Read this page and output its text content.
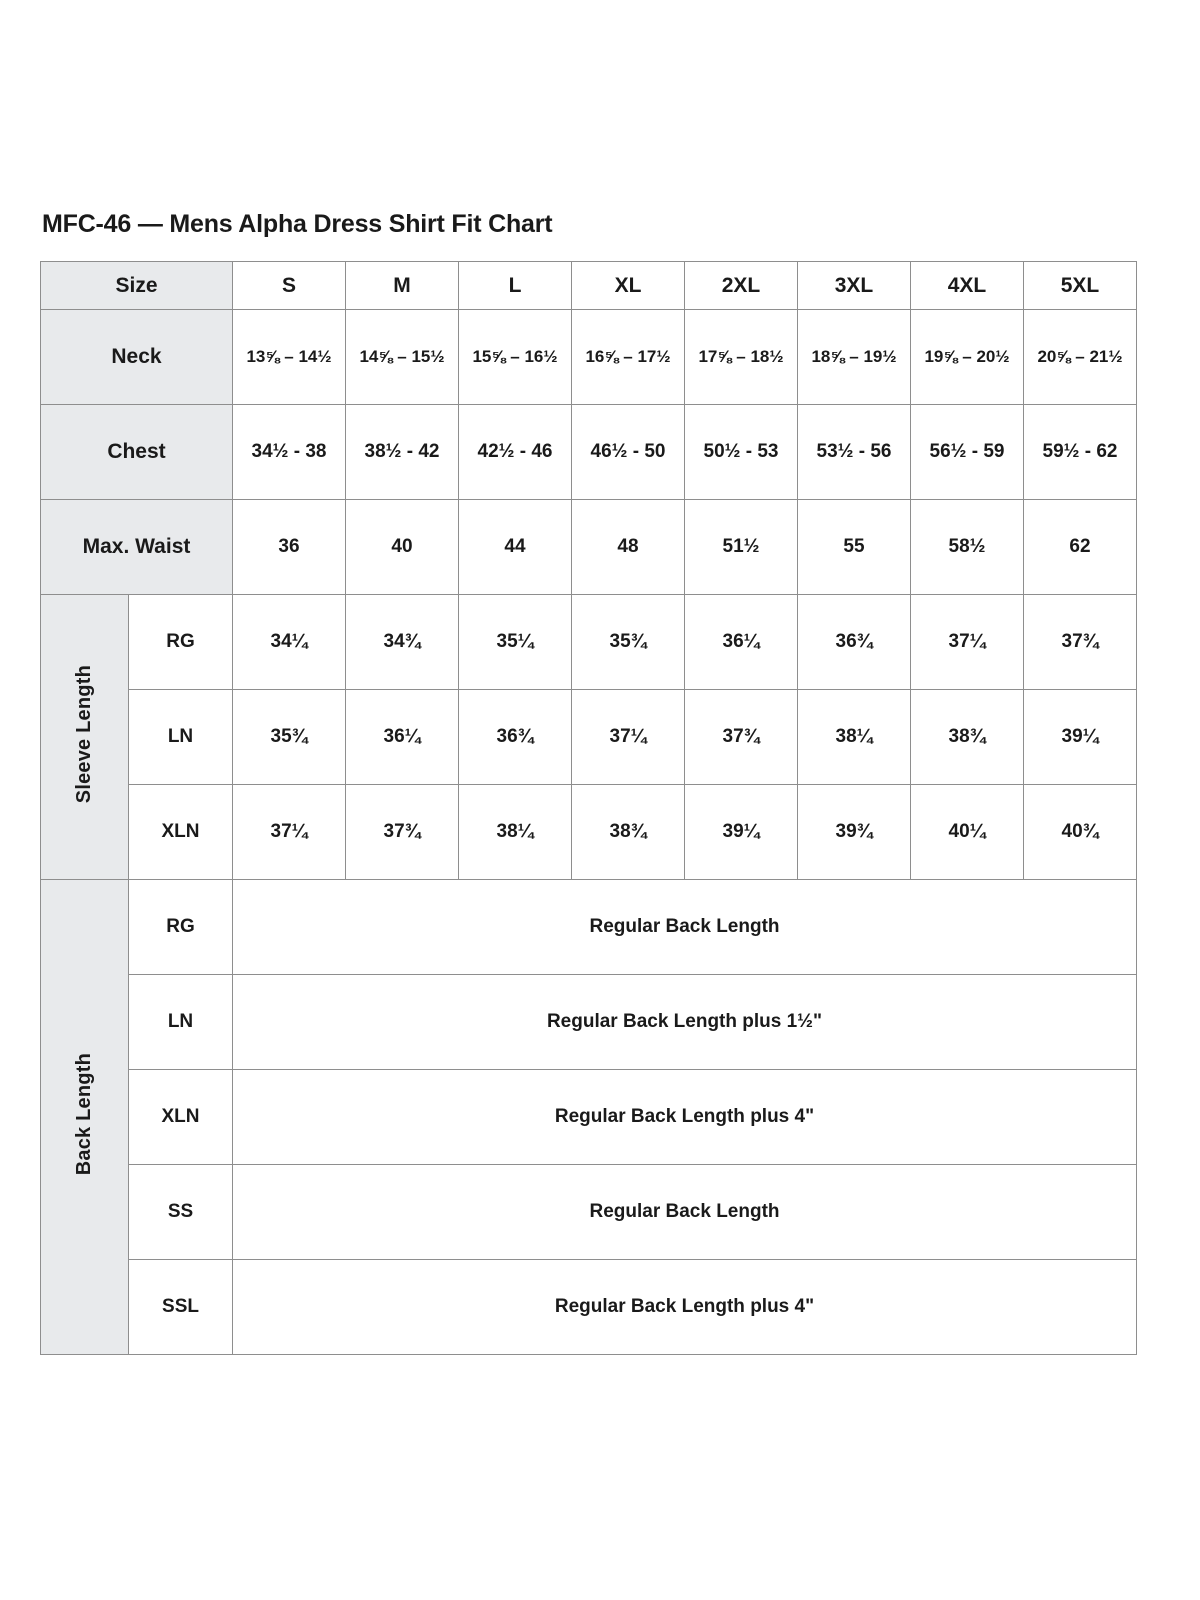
MFC-46 — Mens Alpha Dress Shirt Fit Chart
Size		S	M	L	XL	2XL	3XL	4XL	5XL
Neck		13⅝ – 14½	14⅝ – 15½	15⅝ – 16½	16⅝ – 17½	17⅝ – 18½	18⅝ – 19½	19⅝ – 20½	20⅝ – 21½
Chest		34½ - 38	38½ - 42	42½ - 46	46½ - 50	50½ - 53	53½ - 56	56½ - 59	59½ - 62
Max. Waist		36	40	44	48	51½	55	58½	62
Sleeve Length	RG	34¼	34¾	35¼	35¾	36¼	36¾	37¼	37¾
	LN	35¾	36¼	36¾	37¼	37¾	38¼	38¾	39¼
	XLN	37¼	37¾	38¼	38¾	39¼	39¾	40¼	40¾
Back Length	RG	Regular Back Length							
	LN	Regular Back Length plus 1½"							
	XLN	Regular Back Length plus 4"							
	SS	Regular Back Length							
	SSL	Regular Back Length plus 4"							
